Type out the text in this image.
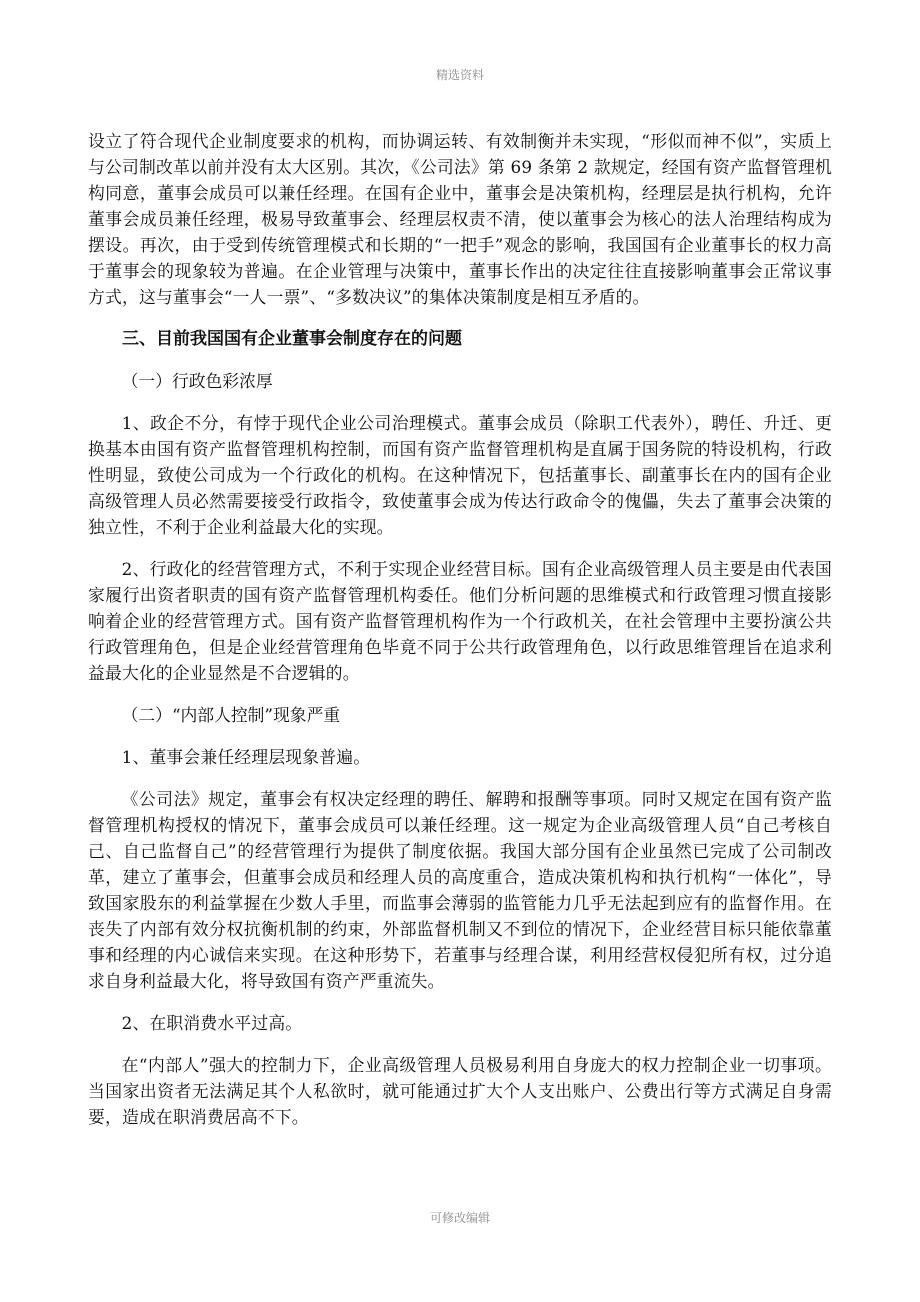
精选资料

设立了符合现代企业制度要求的机构，而协调运转、有效制衡并未实现，“形似而神不似”，实质上与公司制改革以前并没有太大区别。其次，《公司法》第 69 条第 2 款规定，经国有资产监督管理机构同意，董事会成员可以兼任经理。在国有企业中，董事会是决策机构，经理层是执行机构，允许董事会成员兼任经理，极易导致董事会、经理层权责不清，使以董事会为核心的法人治理结构成为摆设。再次，由于受到传统管理模式和长期的“一把手”观念的影响，我国国有企业董事长的权力高于董事会的现象较为普遍。在企业管理与决策中，董事长作出的决定往往直接影响董事会正常议事方式，这与董事会“一人一票”、“多数决议”的集体决策制度是相互矛盾的。

三、目前我国国有企业董事会制度存在的问题

（一）行政色彩浓厚

1、政企不分，有悖于现代企业公司治理模式。董事会成员（除职工代表外），聘任、升迁、更换基本由国有资产监督管理机构控制，而国有资产监督管理机构是直属于国务院的特设机构，行政性明显，致使公司成为一个行政化的机构。在这种情况下，包括董事长、副董事长在内的国有企业高级管理人员必然需要接受行政指令，致使董事会成为传达行政命令的傀儡，失去了董事会决策的独立性，不利于企业利益最大化的实现。

2、行政化的经营管理方式，不利于实现企业经营目标。国有企业高级管理人员主要是由代表国家履行出资者职责的国有资产监督管理机构委任。他们分析问题的思维模式和行政管理习惯直接影响着企业的经营管理方式。国有资产监督管理机构作为一个行政机关，在社会管理中主要扮演公共行政管理角色，但是企业经营管理角色毕竟不同于公共行政管理角色，以行政思维管理旨在追求利益最大化的企业显然是不合逻辑的。

（二）“内部人控制”现象严重

1、董事会兼任经理层现象普遍。

《公司法》规定，董事会有权决定经理的聘任、解聘和报酬等事项。同时又规定在国有资产监督管理机构授权的情况下，董事会成员可以兼任经理。这一规定为企业高级管理人员“自己考核自己、自己监督自己”的经营管理行为提供了制度依据。我国大部分国有企业虽然已完成了公司制改革，建立了董事会，但董事会成员和经理人员的高度重合，造成决策机构和执行机构“一体化”，导致国家股东的利益掌握在少数人手里，而监事会薄弱的监管能力几乎无法起到应有的监督作用。在丧失了内部有效分权抗衡机制的约束，外部监督机制又不到位的情况下，企业经营目标只能依靠董事和经理的内心诚信来实现。在这种形势下，若董事与经理合谋，利用经营权侵犯所有权，过分追求自身利益最大化，将导致国有资产严重流失。

2、在职消费水平过高。

在“内部人”强大的控制力下，企业高级管理人员极易利用自身庞大的权力控制企业一切事项。当国家出资者无法满足其个人私欲时，就可能通过扩大个人支出账户、公费出行等方式满足自身需要，造成在职消费居高不下。

可修改编辑
